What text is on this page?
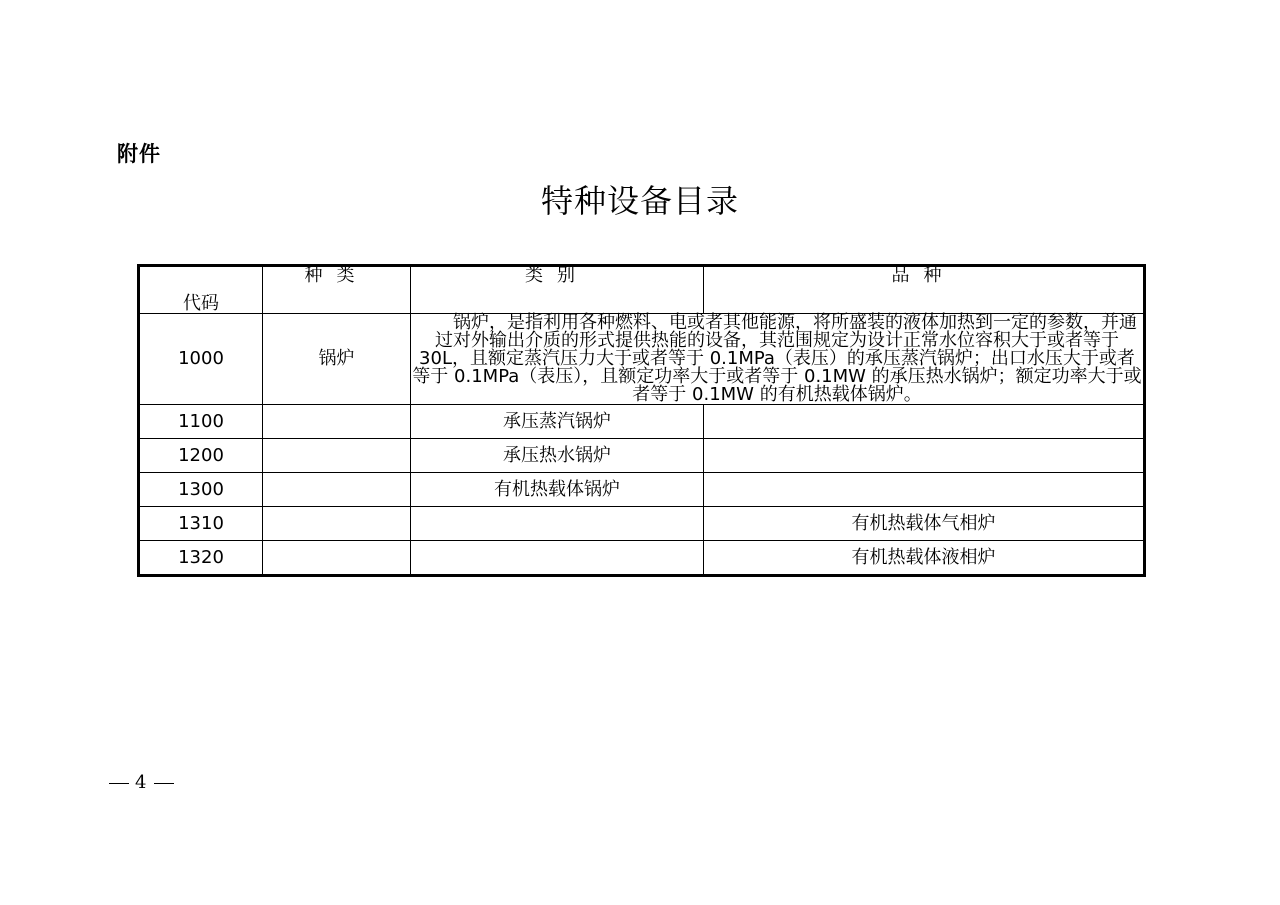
附件
特种设备目录
代码	种类	类别	品种
1000	锅炉	锅炉，是指利用各种燃料、电或者其他能源，将所盛装的液体加热到一定的参数，并通过对外输出介质的形式提供热能的设备，其范围规定为设计正常水位容积大于或者等于30L，且额定蒸汽压力大于或者等于 0.1MPa（表压）的承压蒸汽锅炉；出口水压大于或者等于 0.1MPa（表压），且额定功率大于或者等于 0.1MW 的承压热水锅炉；额定功率大于或者等于 0.1MW 的有机热载体锅炉。	
1100		承压蒸汽锅炉	
1200		承压热水锅炉	
1300		有机热载体锅炉	
1310			有机热载体气相炉
1320			有机热载体液相炉
4
